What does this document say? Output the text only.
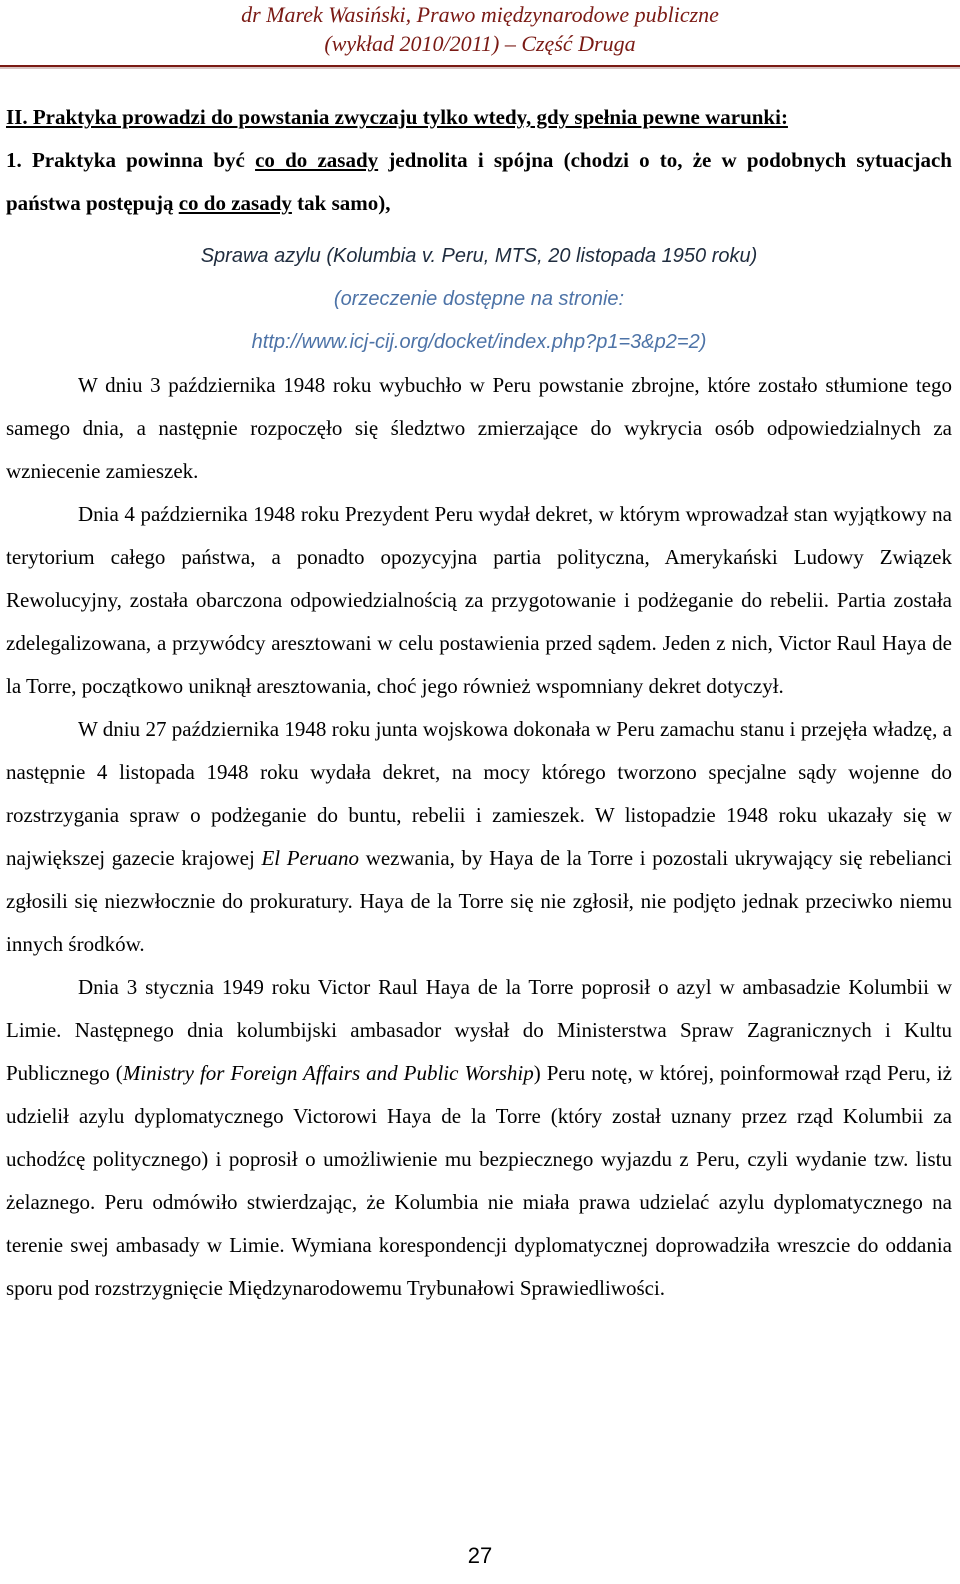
dr Marek Wasiński, Prawo międzynarodowe publiczne
(wykład 2010/2011) – Część Druga

II. Praktyka prowadzi do powstania zwyczaju tylko wtedy, gdy spełnia pewne warunki:

1. Praktyka powinna być co do zasady jednolita i spójna (chodzi o to, że w podobnych sytuacjach państwa postępują co do zasady tak samo),

Sprawa azylu (Kolumbia v. Peru, MTS, 20 listopada 1950 roku)
(orzeczenie dostępne na stronie:
http://www.icj-cij.org/docket/index.php?p1=3&p2=2)

W dniu 3 października 1948 roku wybuchło w Peru powstanie zbrojne, które zostało stłumione tego samego dnia, a następnie rozpoczęło się śledztwo zmierzające do wykrycia osób odpowiedzialnych za wzniecenie zamieszek.

Dnia 4 października 1948 roku Prezydent Peru wydał dekret, w którym wprowadzał stan wyjątkowy na terytorium całego państwa, a ponadto opozycyjna partia polityczna, Amerykański Ludowy Związek Rewolucyjny, została obarczona odpowiedzialnością za przygotowanie i podżeganie do rebelii. Partia została zdelegalizowana, a przywódcy aresztowani w celu postawienia przed sądem. Jeden z nich, Victor Raul Haya de la Torre, początkowo uniknął aresztowania, choć jego również wspomniany dekret dotyczył.

W dniu 27 października 1948 roku junta wojskowa dokonała w Peru zamachu stanu i przejęła władzę, a następnie 4 listopada 1948 roku wydała dekret, na mocy którego tworzono specjalne sądy wojenne do rozstrzygania spraw o podżeganie do buntu, rebelii i zamieszek. W listopadzie 1948 roku ukazały się w największej gazecie krajowej El Peruano wezwania, by Haya de la Torre i pozostali ukrywający się rebelianci zgłosili się niezwłocznie do prokuratury. Haya de la Torre się nie zgłosił, nie podjęto jednak przeciwko niemu innych środków.

Dnia 3 stycznia 1949 roku Victor Raul Haya de la Torre poprosił o azyl w ambasadzie Kolumbii w Limie. Następnego dnia kolumbijski ambasador wysłał do Ministerstwa Spraw Zagranicznych i Kultu Publicznego (Ministry for Foreign Affairs and Public Worship) Peru notę, w której, poinformował rząd Peru, iż udzielił azylu dyplomatycznego Victorowi Haya de la Torre (który został uznany przez rząd Kolumbii za uchodźcę politycznego) i poprosił o umożliwienie mu bezpiecznego wyjazdu z Peru, czyli wydanie tzw. listu żelaznego. Peru odmówiło stwierdzając, że Kolumbia nie miała prawa udzielać azylu dyplomatycznego na terenie swej ambasady w Limie. Wymiana korespondencji dyplomatycznej doprowadziła wreszcie do oddania sporu pod rozstrzygnięcie Międzynarodowemu Trybunałowi Sprawiedliwości.

27
